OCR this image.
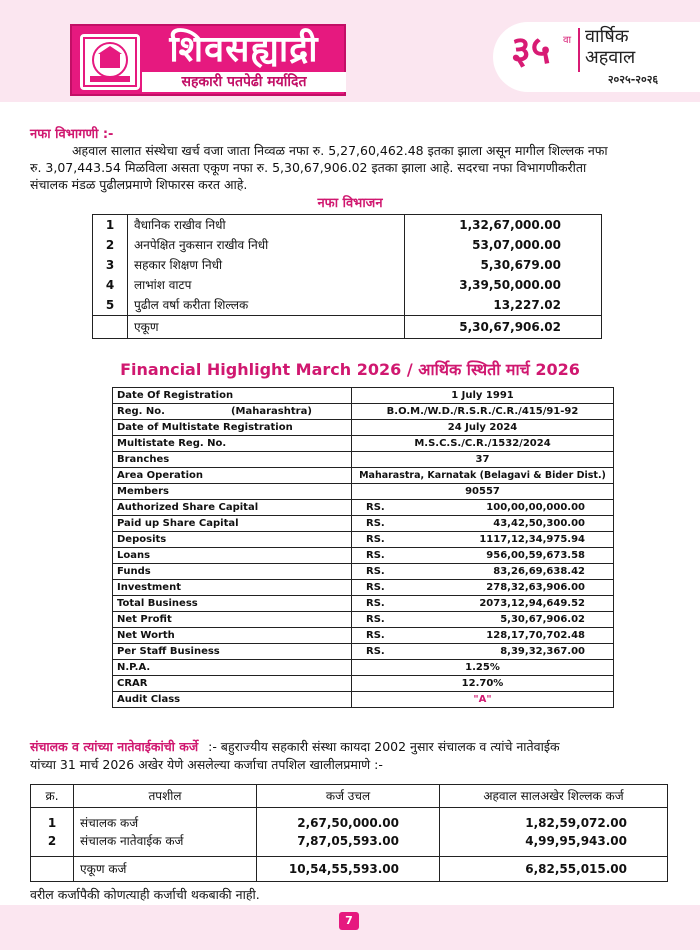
शिवसह्याद्री
सहकारी पतपेढी मर्यादित
३५ वा वार्षिक
अहवाल
२०२५-२०२६
नफा विभागणी :-
अहवाल सालात संस्थेचा खर्च वजा जाता निव्वळ नफा रु. 5,27,60,462.48 इतका झाला असून मागील शिल्लक नफा
रु. 3,07,443.54 मिळविला असता एकूण नफा रु. 5,30,67,906.02 इतका झाला आहे. सदरचा नफा विभागणीकरीता
संचालक मंडळ पुढीलप्रमाणे शिफारस करत आहे.
नफा विभाजन
1	वैधानिक राखीव निधी	1,32,67,000.00
2	अनपेक्षित नुकसान राखीव निधी	53,07,000.00
3	सहकार शिक्षण निधी	5,30,679.00
4	लाभांश वाटप	3,39,50,000.00
5	पुढील वर्षा करीता शिल्लक	13,227.02
	एकूण	5,30,67,906.02
Financial Highlight March 2026 / आर्थिक स्थिती मार्च 2026
Date Of Registration	1 July 1991	
Reg. No. (Maharashtra)	B.O.M./W.D./R.S.R./C.R./415/91-92	
Date of Multistate Registration	24 July 2024	
Multistate Reg. No.	M.S.C.S./C.R./1532/2024	
Branches	37	
Area Operation	Maharastra, Karnatak (Belagavi & Bider Dist.)	
Members	90557	
Authorized Share Capital	RS.	100,00,00,000.00
Paid up Share Capital	RS.	43,42,50,300.00
Deposits	RS.	1117,12,34,975.94
Loans	RS.	956,00,59,673.58
Funds	RS.	83,26,69,638.42
Investment	RS.	278,32,63,906.00
Total Business	RS.	2073,12,94,649.52
Net Profit	RS.	5,30,67,906.02
Net Worth	RS.	128,17,70,702.48
Per Staff Business	RS.	8,39,32,367.00
N.P.A.	1.25%	
CRAR	12.70%	
Audit Class	"A"	
संचालक व त्यांच्या नातेवाईकांची कर्जे :- बहुराज्यीय सहकारी संस्था कायदा 2002 नुसार संचालक व त्यांचे नातेवाईक
यांच्या 31 मार्च 2026 अखेर येणे असलेल्या कर्जाचा तपशिल खालीलप्रमाणे :-
क्र.	तपशील	कर्ज उचल	अहवाल सालअखेर शिल्लक कर्ज
1	संचालक कर्ज	2,67,50,000.00	1,82,59,072.00
2	संचालक नातेवाईक कर्ज	7,87,05,593.00	4,99,95,943.00
	एकूण कर्ज	10,54,55,593.00	6,82,55,015.00
वरील कर्जापैकी कोणत्याही कर्जाची थकबाकी नाही.
7
